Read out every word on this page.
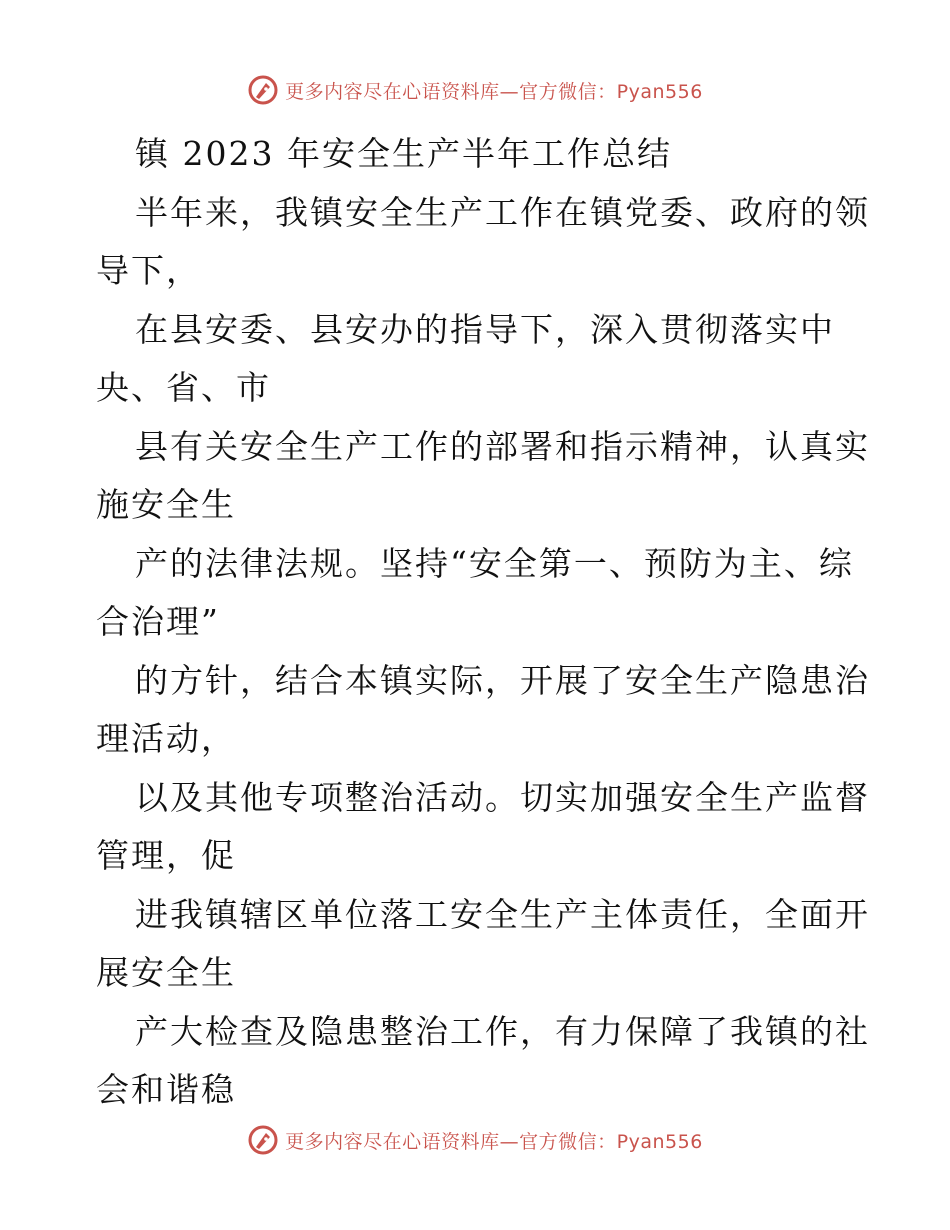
更多内容尽在心语资料库—官方微信：Pyan556
镇 2023 年安全生产半年工作总结
半年来，我镇安全生产工作在镇党委、政府的领
导下，
在县安委、县安办的指导下，深入贯彻落实中
央、省、市
县有关安全生产工作的部署和指示精神，认真实
施安全生
产的法律法规。坚持“安全第一、预防为主、综
合治理”
的方针，结合本镇实际，开展了安全生产隐患治
理活动，
以及其他专项整治活动。切实加强安全生产监督
管理，促
进我镇辖区单位落工安全生产主体责任，全面开
展安全生
产大检查及隐患整治工作，有力保障了我镇的社
会和谐稳
更多内容尽在心语资料库—官方微信：Pyan556
